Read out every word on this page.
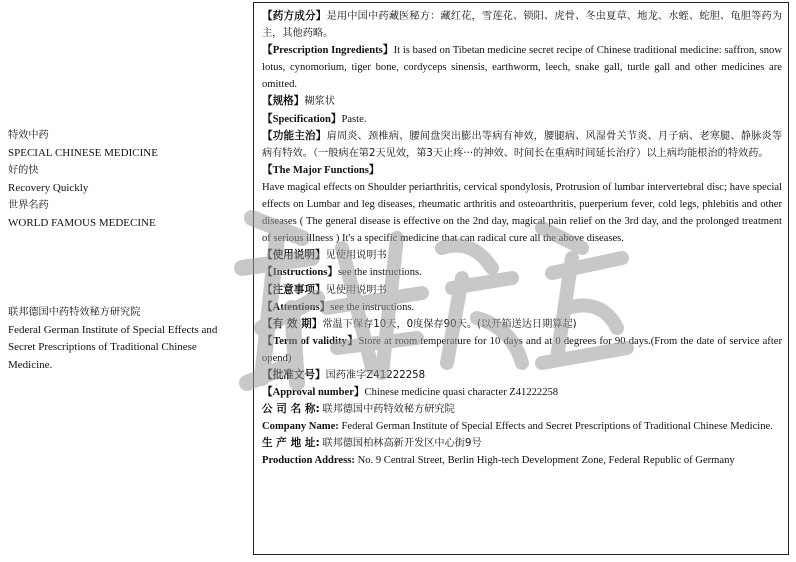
特效中药
SPECIAL CHINESE MEDICINE
好的快
Recovery Quickly
世界名药
WORLD FAMOUS MEDECINE
联邦德国中药特效秘方研究院
Federal German Institute of Special Effects and Secret Prescriptions of Traditional Chinese Medicine.

【药方成分】是用中国中药藏医秘方：藏红花，雪莲花、锁阳、虎骨、冬虫夏草、地龙、水蛭、蛇胆、龟胆等药为主，其他药略。

【Prescription Ingredients】It is based on Tibetan medicine secret recipe of Chinese traditional medicine: saffron, snow lotus, cynomorium, tiger bone, cordyceps sinensis, earthworm, leech, snake gall, turtle gall and other medicines are omitted.

【规格】糊浆状

【Specification】Paste.

【功能主治】肩周炎、颈椎病、腰间盘突出膨出等病有神效，腰腿病、风湿骨关节炎、月子病、老寒腿、静脉炎等病有特效。（一般病在第2天见效，第3天止疼···的神效、时间长在重病时间延长治疗）以上病均能根治的特效药。

【The Major Functions】

Have magical effects on Shoulder periarthritis, cervical spondylosis, Protrusion of lumbar intervertebral disc; have special effects on Lumbar and leg diseases, rheumatic arthritis and osteoarthritis, puerperium fever, cold legs, phlebitis and other diseases ( The general disease is effective on the 2nd day, magical pain relief on the 3rd day, and the prolonged treatment of serious illness ) It's a specific medicine that can radical cure all the above diseases.

【使用说明】见使用说明书

【Instructions】see the instructions.

【注意事项】见使用说明书

【Attentions】see the instructions.

【有 效 期】常温下保存10天，0度保存90天。(以开箱送达日期算起)

【Term of validity】Store at room temperature for 10 days and at 0 degrees for 90 days.(From the date of service after opend)

【批准文号】国药准字Z41222258

【Approval number】Chinese medicine quasi character Z41222258

公 司 名 称: 联邦德国中药特效秘方研究院

Company Name: Federal German Institute of Special Effects and Secret Prescriptions of Traditional Chinese Medicine.

生 产 地 址: 联邦德国柏林高新开发区中心街9号

Production Address: No. 9 Central Street, Berlin High-tech Development Zone, Federal Republic of Germany
